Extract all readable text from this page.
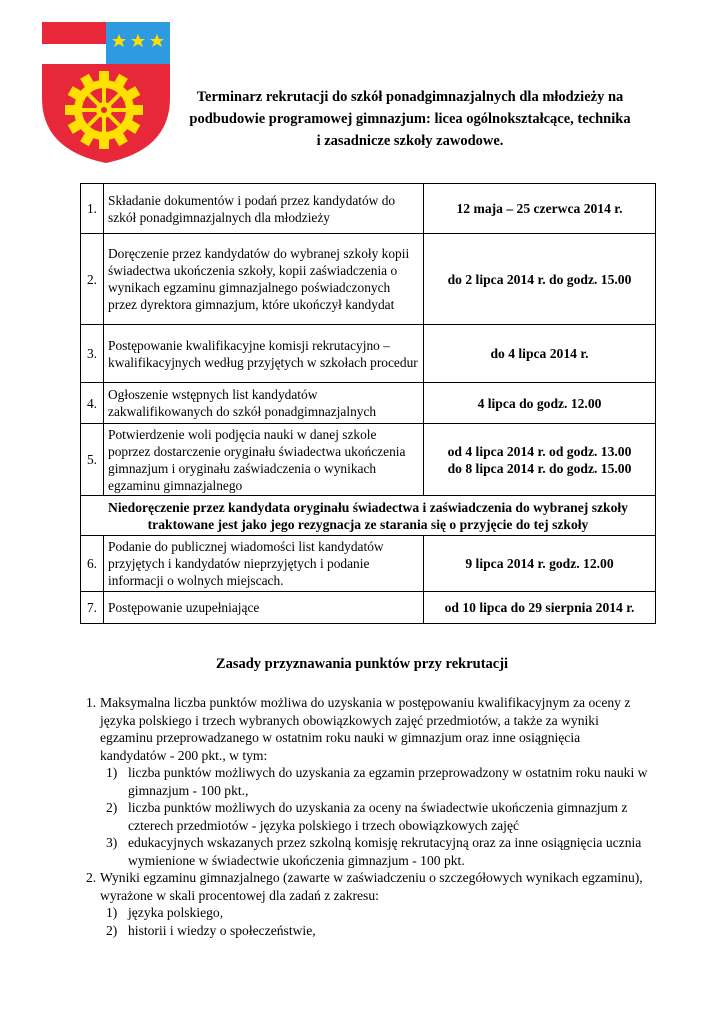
Terminarz rekrutacji do szkół ponadgimnazjalnych dla młodzieży na
podbudowie programowej gimnazjum: licea ogólnokształcące, technika
i zasadnicze szkoły zawodowe.
1.	Składanie dokumentów i podań przez kandydatów do szkół ponadgimnazjalnych dla młodzieży	12 maja – 25 czerwca 2014 r.
2.	Doręczenie przez kandydatów do wybranej szkoły kopii świadectwa ukończenia szkoły, kopii zaświadczenia o wynikach egzaminu gimnazjalnego poświadczonych przez dyrektora gimnazjum, które ukończył kandydat	do 2 lipca 2014 r. do godz. 15.00
3.	Postępowanie kwalifikacyjne komisji rekrutacyjno – kwalifikacyjnych według przyjętych w szkołach procedur	do 4 lipca 2014 r.
4.	Ogłoszenie wstępnych list kandydatów zakwalifikowanych do szkół ponadgimnazjalnych	4 lipca do godz. 12.00
5.	Potwierdzenie woli podjęcia nauki w danej szkole poprzez dostarczenie oryginału świadectwa ukończenia gimnazjum i oryginału zaświadczenia o wynikach egzaminu gimnazjalnego	od 4 lipca 2014 r. od godz. 13.00
do 8 lipca 2014 r. do godz. 15.00

Niedoręczenie przez kandydata oryginału świadectwa i zaświadczenia do wybranej szkoły traktowane jest jako jego rezygnacja ze starania się o przyjęcie do tej szkoły		
6.	Podanie do publicznej wiadomości list kandydatów przyjętych i kandydatów nieprzyjętych i podanie informacji o wolnych miejscach.	9 lipca 2014 r. godz. 12.00
7.	Postępowanie uzupełniające	od 10 lipca do 29 sierpnia 2014 r.
Zasady przyznawania punktów przy rekrutacji
1. Maksymalna liczba punktów możliwa do uzyskania w postępowaniu kwalifikacyjnym za oceny z języka polskiego i trzech wybranych obowiązkowych zajęć przedmiotów, a także za wyniki egzaminu przeprowadzanego w ostatnim roku nauki w gimnazjum oraz inne osiągnięcia kandydatów - 200 pkt., w tym:
1) liczba punktów możliwych do uzyskania za egzamin przeprowadzony w ostatnim roku nauki w gimnazjum - 100 pkt.,
2) liczba punktów możliwych do uzyskania za oceny na świadectwie ukończenia gimnazjum z czterech przedmiotów - języka polskiego i trzech obowiązkowych zajęć
3) edukacyjnych wskazanych przez szkolną komisję rekrutacyjną oraz za inne osiągnięcia ucznia wymienione w świadectwie ukończenia gimnazjum - 100 pkt.
2. Wyniki egzaminu gimnazjalnego (zawarte w zaświadczeniu o szczegółowych wynikach egzaminu), wyrażone w skali procentowej dla zadań z zakresu:
1) języka polskiego,
2) historii i wiedzy o społeczeństwie,
